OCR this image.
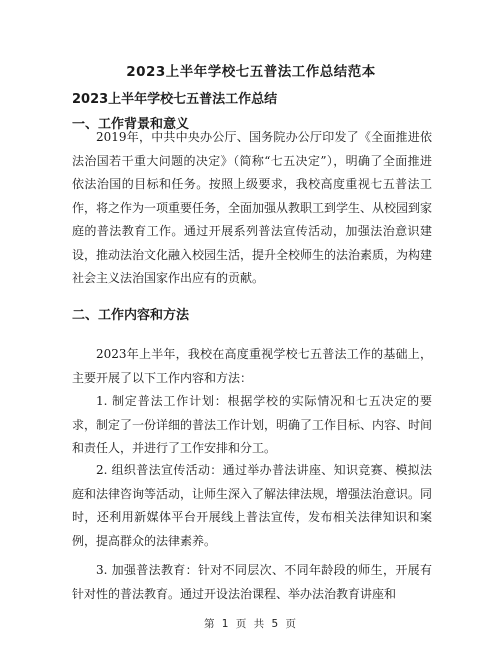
2023上半年学校七五普法工作总结范本
2023上半年学校七五普法工作总结
一、工作背景和意义

2019年，中共中央办公厅、国务院办公厅印发了《全面推进依法治国若干重大问题的决定》（简称“七五决定”），明确了全面推进依法治国的目标和任务。按照上级要求，我校高度重视七五普法工作，将之作为一项重要任务，全面加强从教职工到学生、从校园到家庭的普法教育工作。通过开展系列普法宣传活动，加强法治意识建设，推动法治文化融入校园生活，提升全校师生的法治素质，为构建社会主义法治国家作出应有的贡献。

二、工作内容和方法

2023年上半年，我校在高度重视学校七五普法工作的基础上，主要开展了以下工作内容和方法：

1. 制定普法工作计划：根据学校的实际情况和七五决定的要求，制定了一份详细的普法工作计划，明确了工作目标、内容、时间和责任人，并进行了工作安排和分工。

2. 组织普法宣传活动：通过举办普法讲座、知识竞赛、模拟法庭和法律咨询等活动，让师生深入了解法律法规，增强法治意识。同时，还利用新媒体平台开展线上普法宣传，发布相关法律知识和案例，提高群众的法律素养。

3. 加强普法教育：针对不同层次、不同年龄段的师生，开展有针对性的普法教育。通过开设法治课程、举办法治教育讲座和

第 1 页 共 5 页
